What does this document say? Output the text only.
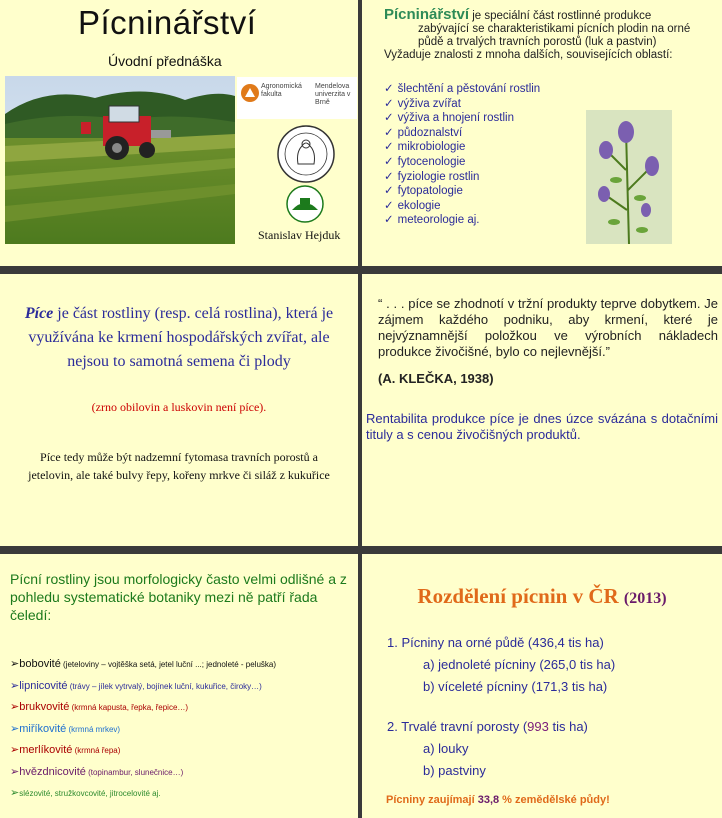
Pícninářství
Úvodní přednáška
Agronomická fakulta
Mendelova univerzita v Brně
Stanislav Hejduk
Pícninářství je speciální část rostlinné produkce

zabývající se charakteristikami pícních plodin na orné
půdě a trvalých travních porostů (luk a pastvin)
Vyžaduje znalosti z mnoha dalších, souvisejících oblastí:
✓ šlechtění a pěstování rostlin
✓ výživa zvířat
✓ výživa a hnojení rostlin
✓ půdoznalství
✓ mikrobiologie
✓ fytocenologie
✓ fyziologie rostlin
✓ fytopatologie
✓ ekologie
✓ meteorologie aj.
Píce je část rostliny (resp. celá rostlina), která je využívána ke krmení hospodářských zvířat, ale nejsou to samotná semena či plody
(zrno obilovin a luskovin není píce).
Píce tedy může být nadzemní fytomasa travních porostů a jetelovin, ale také bulvy řepy, kořeny mrkve či siláž z kukuřice
“ . . . píce se zhodnotí v tržní produkty teprve dobytkem. Je zájmem každého podniku, aby krmení, které je nejvýznamnější položkou ve výrobních nákladech produkce živočišné, bylo co nejlevnější.”
(A. KLEČKA, 1938)
Rentabilita produkce píce je dnes úzce svázána s dotačními tituly a s cenou živočišných produktů.
Pícní rostliny jsou morfologicky často velmi odlišné a z pohledu systematické botaniky mezi ně patří řada čeledí:
➢bobovité (jeteloviny – vojtěška setá, jetel luční ...; jednoleté - peluška)
➢lipnicovité (trávy – jílek vytrvalý, bojínek luční, kukuřice, čiroky…)
➢brukvovité (krmná kapusta, řepka, řepice…)
➢miříkovité (krmná mrkev)
➢merlíkovité (krmná řepa)
➢hvězdnicovité (topinambur, slunečnice…)
➢slézovité, stružkovcovité, jitrocelovité aj.
Rozdělení pícnin v ČR (2013)
1. Pícniny na orné půdě (436,4 tis ha)
a) jednoleté pícniny (265,0 tis ha)
b) víceleté pícniny (171,3 tis ha)
2. Trvalé travní porosty (993 tis ha)
a) louky
b) pastviny
Pícniny zaujímají 33,8 % zemědělské půdy!
